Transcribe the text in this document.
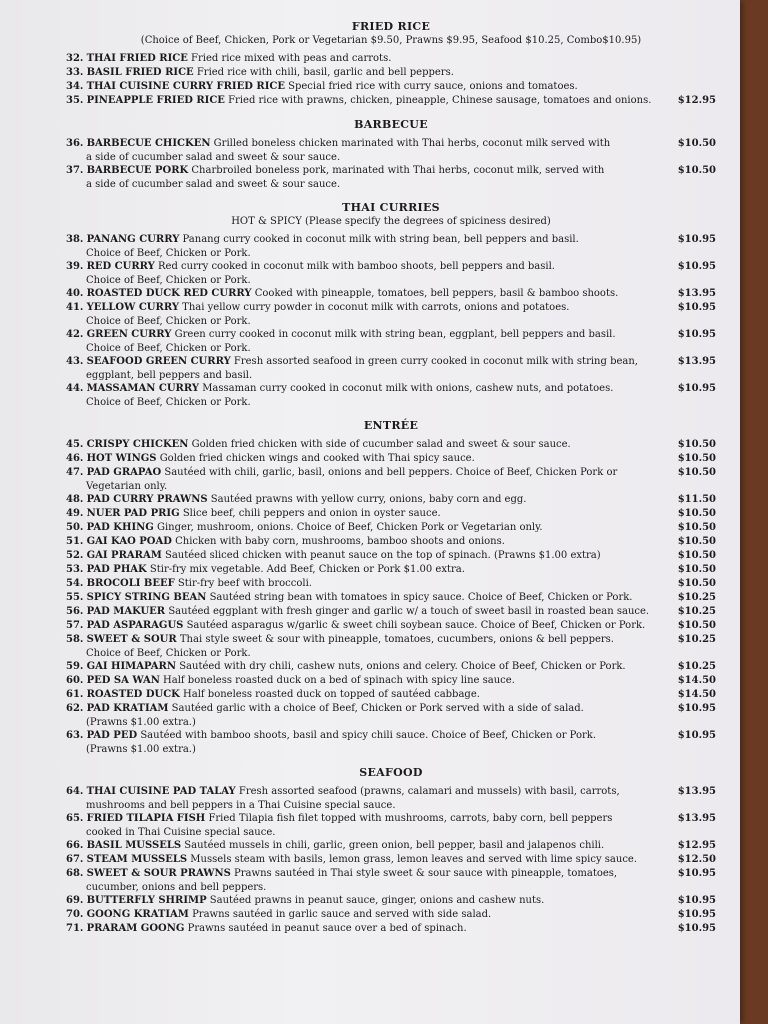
FRIED RICE
(Choice of Beef, Chicken, Pork or Vegetarian $9.50, Prawns $9.95, Seafood $10.25, Combo$10.95)
32. THAI FRIED RICE Fried rice mixed with peas and carrots.
33. BASIL FRIED RICE Fried rice with chili, basil, garlic and bell peppers.
34. THAI CUISINE CURRY FRIED RICE Special fried rice with curry sauce, onions and tomatoes.
35. PINEAPPLE FRIED RICE Fried rice with prawns, chicken, pineapple, Chinese sausage, tomatoes and onions.	$12.95
BARBECUE
36. BARBECUE CHICKEN Grilled boneless chicken marinated with Thai herbs, coconut milk served with	$10.50
a side of cucumber salad and sweet & sour sauce.
37. BARBECUE PORK Charbroiled boneless pork, marinated with Thai herbs, coconut milk, served with	$10.50
a side of cucumber salad and sweet & sour sauce.
THAI CURRIES
HOT & SPICY (Please specify the degrees of spiciness desired)
38. PANANG CURRY Panang curry cooked in coconut milk with string bean, bell peppers and basil.	$10.95
Choice of Beef, Chicken or Pork.
39. RED CURRY Red curry cooked in coconut milk with bamboo shoots, bell peppers and basil.	$10.95
Choice of Beef, Chicken or Pork.
40. ROASTED DUCK RED CURRY Cooked with pineapple, tomatoes, bell peppers, basil & bamboo shoots.	$13.95
41. YELLOW CURRY Thai yellow curry powder in coconut milk with carrots, onions and potatoes.	$10.95
Choice of Beef, Chicken or Pork.
42. GREEN CURRY Green curry cooked in coconut milk with string bean, eggplant, bell peppers and basil.	$10.95
Choice of Beef, Chicken or Pork.
43. SEAFOOD GREEN CURRY Fresh assorted seafood in green curry cooked in coconut milk with string bean,	$13.95
eggplant, bell peppers and basil.
44. MASSAMAN CURRY Massaman curry cooked in coconut milk with onions, cashew nuts, and potatoes.	$10.95
Choice of Beef, Chicken or Pork.
ENTRÉE
45. CRISPY CHICKEN Golden fried chicken with side of cucumber salad and sweet & sour sauce.	$10.50
46. HOT WINGS Golden fried chicken wings and cooked with Thai spicy sauce.	$10.50
47. PAD GRAPAO Sautéed with chili, garlic, basil, onions and bell peppers. Choice of Beef, Chicken Pork or	$10.50
Vegetarian only.
48. PAD CURRY PRAWNS Sautéed prawns with yellow curry, onions, baby corn and egg.	$11.50
49. NUER PAD PRIG Slice beef, chili peppers and onion in oyster sauce.	$10.50
50. PAD KHING Ginger, mushroom, onions. Choice of Beef, Chicken Pork or Vegetarian only.	$10.50
51. GAI KAO POAD Chicken with baby corn, mushrooms, bamboo shoots and onions.	$10.50
52. GAI PRARAM Sautéed sliced chicken with peanut sauce on the top of spinach. (Prawns $1.00 extra)	$10.50
53. PAD PHAK Stir-fry mix vegetable. Add Beef, Chicken or Pork $1.00 extra.	$10.50
54. BROCOLI BEEF Stir-fry beef with broccoli.	$10.50
55. SPICY STRING BEAN Sautéed string bean with tomatoes in spicy sauce. Choice of Beef, Chicken or Pork.	$10.25
56. PAD MAKUER Sautéed eggplant with fresh ginger and garlic w/ a touch of sweet basil in roasted bean sauce.	$10.25
57. PAD ASPARAGUS Sautéed asparagus w/garlic & sweet chili soybean sauce. Choice of Beef, Chicken or Pork.	$10.50
58. SWEET & SOUR Thai style sweet & sour with pineapple, tomatoes, cucumbers, onions & bell peppers.	$10.25
Choice of Beef, Chicken or Pork.
59. GAI HIMAPARN Sautéed with dry chili, cashew nuts, onions and celery. Choice of Beef, Chicken or Pork.	$10.25
60. PED SA WAN Half boneless roasted duck on a bed of spinach with spicy line sauce.	$14.50
61. ROASTED DUCK Half boneless roasted duck on topped of sautéed cabbage.	$14.50
62. PAD KRATIAM Sautéed garlic with a choice of Beef, Chicken or Pork served with a side of salad.	$10.95
(Prawns $1.00 extra.)
63. PAD PED Sautéed with bamboo shoots, basil and spicy chili sauce. Choice of Beef, Chicken or Pork.	$10.95
(Prawns $1.00 extra.)
SEAFOOD
64. THAI CUISINE PAD TALAY Fresh assorted seafood (prawns, calamari and mussels) with basil, carrots,	$13.95
mushrooms and bell peppers in a Thai Cuisine special sauce.
65. FRIED TILAPIA FISH Fried Tilapia fish filet topped with mushrooms, carrots, baby corn, bell peppers	$13.95
cooked in Thai Cuisine special sauce.
66. BASIL MUSSELS Sautéed mussels in chili, garlic, green onion, bell pepper, basil and jalapenos chili.	$12.95
67. STEAM MUSSELS Mussels steam with basils, lemon grass, lemon leaves and served with lime spicy sauce.	$12.50
68. SWEET & SOUR PRAWNS Prawns sautéed in Thai style sweet & sour sauce with pineapple, tomatoes,	$10.95
cucumber, onions and bell peppers.
69. BUTTERFLY SHRIMP Sautéed prawns in peanut sauce, ginger, onions and cashew nuts.	$10.95
70. GOONG KRATIAM Prawns sautéed in garlic sauce and served with side salad.	$10.95
71. PRARAM GOONG Prawns sautéed in peanut sauce over a bed of spinach.	$10.95
